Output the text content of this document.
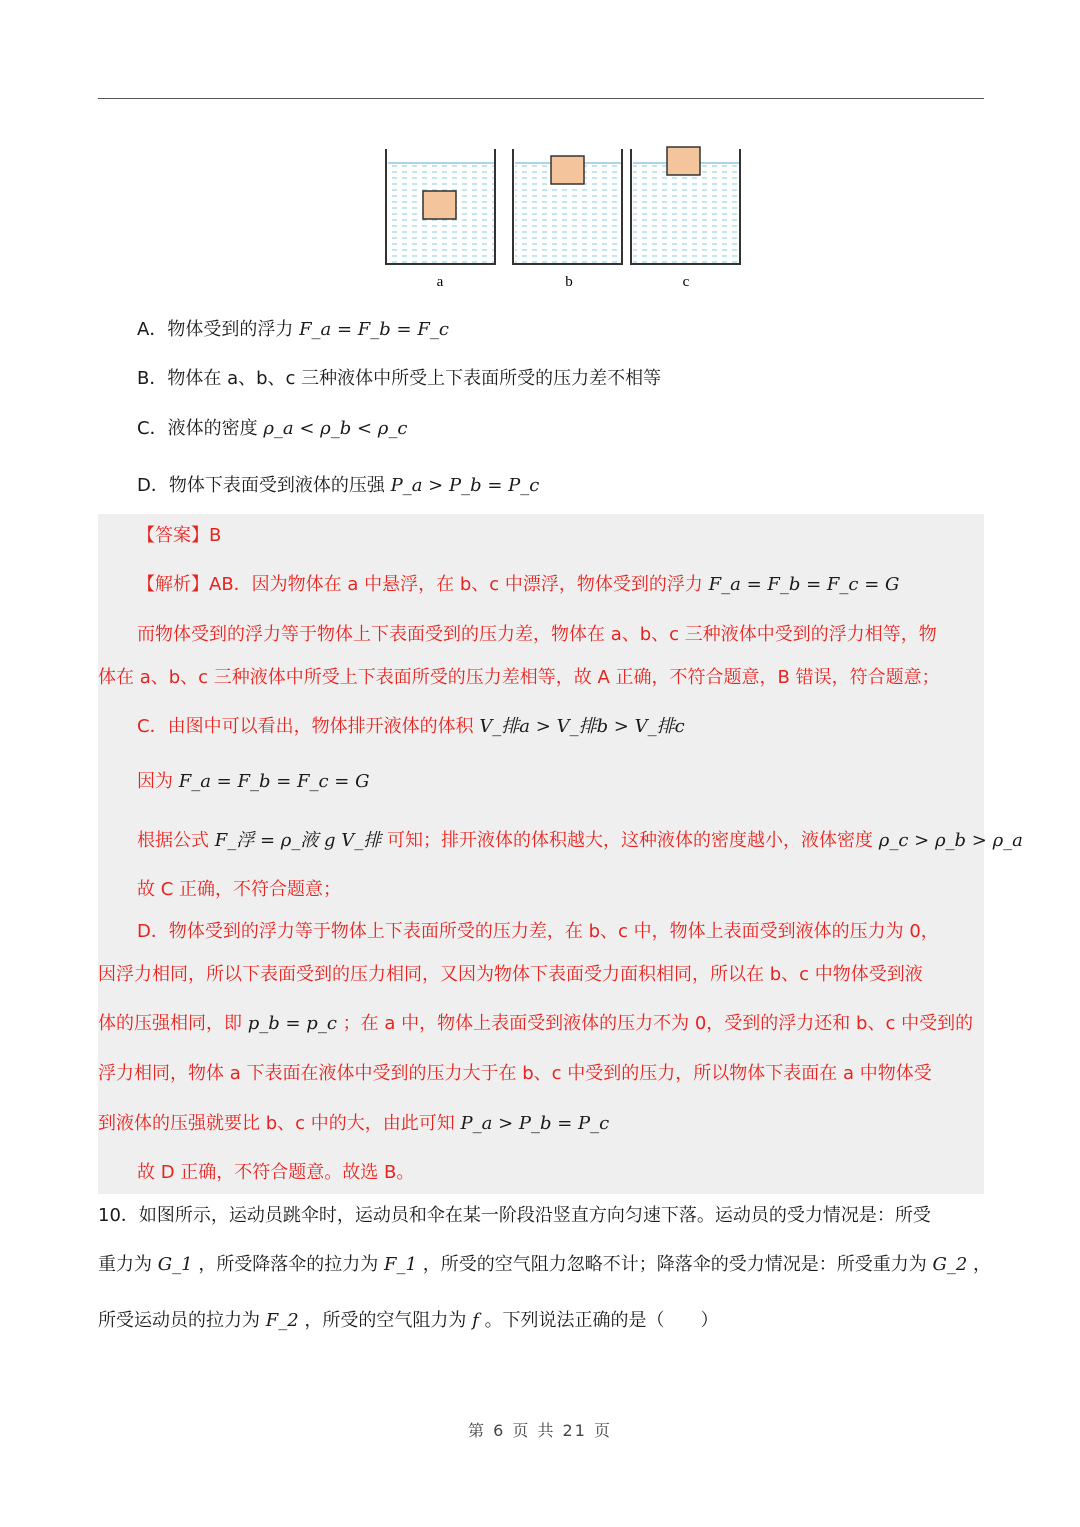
a	b	c
A．物体受到的浮力 F_a = F_b = F_c
B．物体在 a、b、c 三种液体中所受上下表面所受的压力差不相等
C．液体的密度 ρ_a < ρ_b < ρ_c
D．物体下表面受到液体的压强 P_a > P_b = P_c
【答案】B
【解析】AB．因为物体在 a 中悬浮，在 b、c 中漂浮，物体受到的浮力 F_a = F_b = F_c = G
而物体受到的浮力等于物体上下表面受到的压力差，物体在 a、b、c 三种液体中受到的浮力相等，物
体在 a、b、c 三种液体中所受上下表面所受的压力差相等，故 A 正确，不符合题意，B 错误，符合题意；
C．由图中可以看出，物体排开液体的体积 V_排a > V_排b > V_排c
因为 F_a = F_b = F_c = G
根据公式 F_浮 = ρ_液 g V_排 可知；排开液体的体积越大，这种液体的密度越小，液体密度 ρ_c > ρ_b > ρ_a
故 C 正确，不符合题意；
D．物体受到的浮力等于物体上下表面所受的压力差，在 b、c 中，物体上表面受到液体的压力为 0，
因浮力相同，所以下表面受到的压力相同，又因为物体下表面受力面积相同，所以在 b、c 中物体受到液
体的压强相同，即 p_b = p_c ；在 a 中，物体上表面受到液体的压力不为 0，受到的浮力还和 b、c 中受到的
浮力相同，物体 a 下表面在液体中受到的压力大于在 b、c 中受到的压力，所以物体下表面在 a 中物体受
到液体的压强就要比 b、c 中的大，由此可知 P_a > P_b = P_c
故 D 正确，不符合题意。故选 B。
10．如图所示，运动员跳伞时，运动员和伞在某一阶段沿竖直方向匀速下落。运动员的受力情况是：所受
重力为 G_1 ，所受降落伞的拉力为 F_1 ，所受的空气阻力忽略不计；降落伞的受力情况是：所受重力为 G_2 ，
所受运动员的拉力为 F_2 ，所受的空气阻力为 f 。下列说法正确的是（　　）
第 6 页 共 21 页
